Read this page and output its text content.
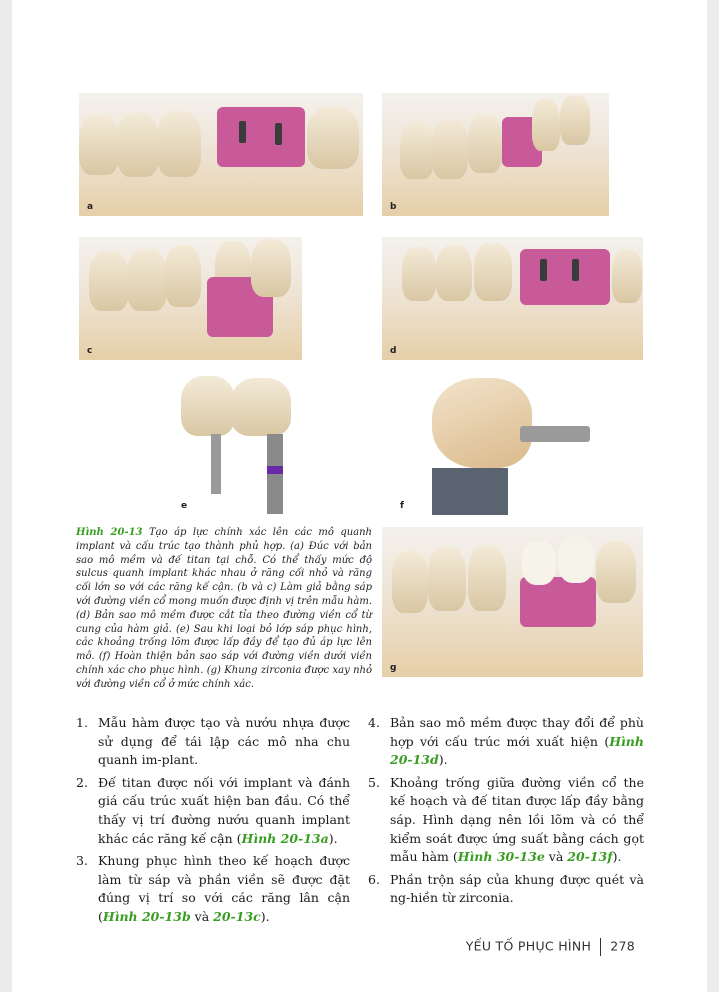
a	b
c	d
e	f
Hình 20-13 Tạo áp lực chính xác lên các mô quanh implant và cấu trúc tạo thành phủ hợp. (a) Đúc với bản sao mô mềm và đế titan tại chỗ. Có thể thấy mức độ sulcus quanh implant khác nhau ở răng cối nhỏ và răng cối lớn so với các răng kế cận. (b và c) Làm giả bằng sáp với đường viền cổ mong muốn được định vị trên mẫu hàm. (d) Bản sao mô mềm được cắt tỉa theo đường viền cổ từ cung của hàm giả. (e) Sau khi loại bỏ lớp sáp phục hình, các khoảng trống lõm được lấp đầy để tạo đủ áp lực lên mô. (f) Hoàn thiện bản sao sáp với đường viền dưới viền chính xác cho phục hình. (g) Khung zirconia được xay nhỏ với đường viền cổ ở mức chính xác.
g
1. Mẫu hàm được tạo và nướu nhựa được sử dụng để tái lập các mô nha chu quanh im-plant.
2. Đế titan được nối với implant và đánh giá cấu trúc xuất hiện ban đầu. Có thể thấy vị trí đường nướu quanh implant khác các răng kế cận (Hình 20-13a).
3. Khung phục hình theo kế hoạch được làm từ sáp và phần viền sẽ được đặt đúng vị trí so với các răng lân cận (Hình 20-13b và 20-13c).
4. Bản sao mô mềm được thay đổi để phù hợp với cấu trúc mới xuất hiện (Hình 20-13d).
5. Khoảng trống giữa đường viền cổ the kế hoạch và đế titan được lấp đầy bằng sáp. Hình dạng nên lồi lõm và có thể kiểm soát được ứng suất bằng cách gọt mẫu hàm (Hình 30-13e và 20-13f).
6. Phần trộn sáp của khung được quét và ng-hiền từ zirconia.
YẾU TỐ PHỤC HÌNH 278
